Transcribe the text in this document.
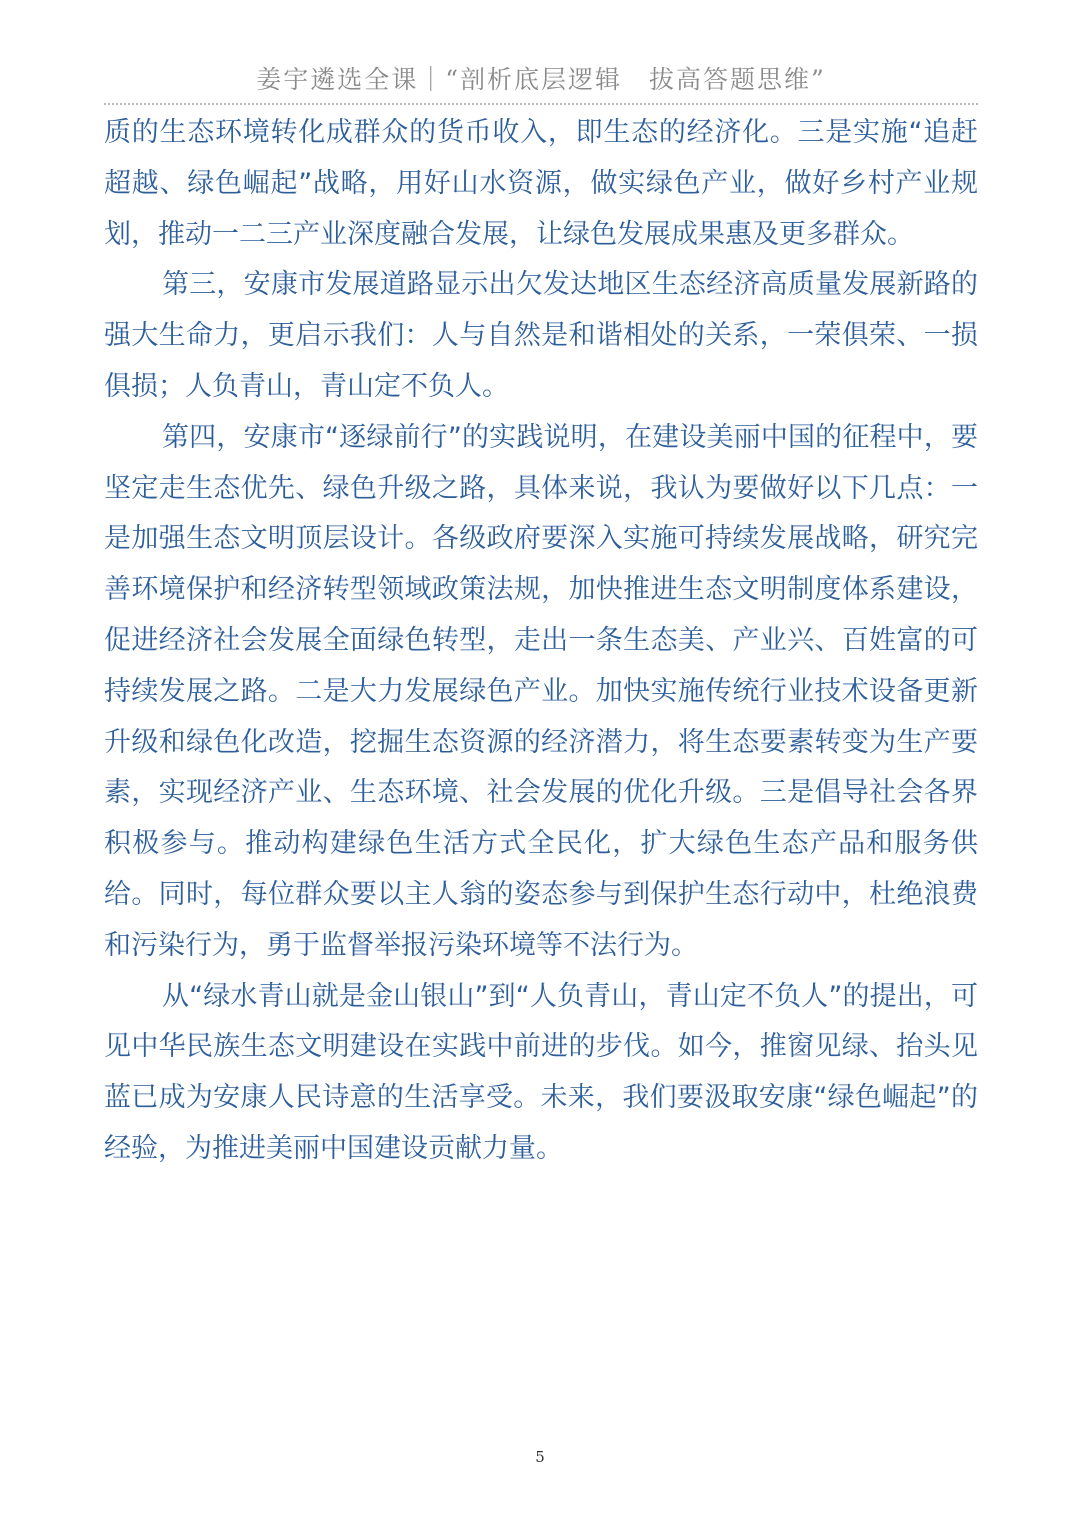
姜宇遴选全课｜“剖析底层逻辑　拔高答题思维”

质的生态环境转化成群众的货币收入，即生态的经济化。三是实施“追赶超越、绿色崛起”战略，用好山水资源，做实绿色产业，做好乡村产业规划，推动一二三产业深度融合发展，让绿色发展成果惠及更多群众。

第三，安康市发展道路显示出欠发达地区生态经济高质量发展新路的强大生命力，更启示我们：人与自然是和谐相处的关系，一荣俱荣、一损俱损；人负青山，青山定不负人。

第四，安康市“逐绿前行”的实践说明，在建设美丽中国的征程中，要坚定走生态优先、绿色升级之路，具体来说，我认为要做好以下几点：一是加强生态文明顶层设计。各级政府要深入实施可持续发展战略，研究完善环境保护和经济转型领域政策法规，加快推进生态文明制度体系建设，促进经济社会发展全面绿色转型，走出一条生态美、产业兴、百姓富的可持续发展之路。二是大力发展绿色产业。加快实施传统行业技术设备更新升级和绿色化改造，挖掘生态资源的经济潜力，将生态要素转变为生产要素，实现经济产业、生态环境、社会发展的优化升级。三是倡导社会各界积极参与。推动构建绿色生活方式全民化，扩大绿色生态产品和服务供给。同时，每位群众要以主人翁的姿态参与到保护生态行动中，杜绝浪费和污染行为，勇于监督举报污染环境等不法行为。

从“绿水青山就是金山银山”到“人负青山，青山定不负人”的提出，可见中华民族生态文明建设在实践中前进的步伐。如今，推窗见绿、抬头见蓝已成为安康人民诗意的生活享受。未来，我们要汲取安康“绿色崛起”的经验，为推进美丽中国建设贡献力量。

5
